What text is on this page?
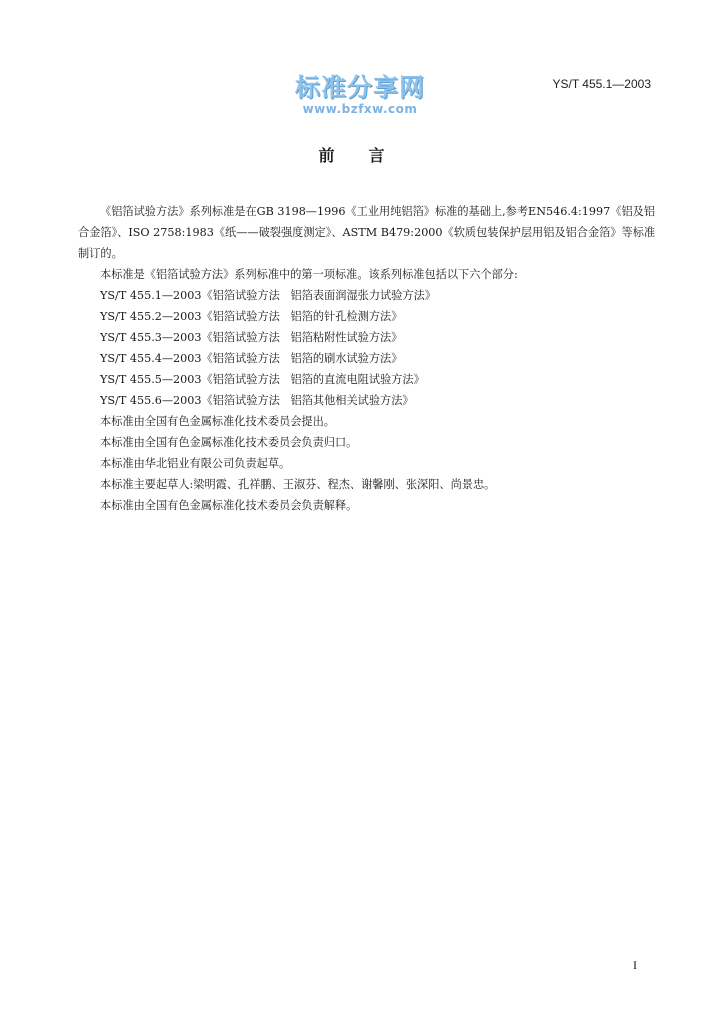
标准分享网
www.bzfxw.com
YS/T 455.1—2003
前言

《铝箔试验方法》系列标准是在GB 3198—1996《工业用纯铝箔》标准的基础上,参考EN546.4:1997《铝及铝合金箔》、ISO 2758:1983《纸——破裂强度测定》、ASTM B479:2000《软质包装保护层用铝及铝合金箔》等标准制订的。

本标准是《铝箔试验方法》系列标准中的第一项标准。该系列标准包括以下六个部分:

YS/T 455.1—2003《铝箔试验方法   铝箔表面润湿张力试验方法》

YS/T 455.2—2003《铝箔试验方法   铝箔的针孔检测方法》

YS/T 455.3—2003《铝箔试验方法   铝箔粘附性试验方法》

YS/T 455.4—2003《铝箔试验方法   铝箔的刷水试验方法》

YS/T 455.5—2003《铝箔试验方法   铝箔的直流电阻试验方法》

YS/T 455.6—2003《铝箔试验方法   铝箔其他相关试验方法》

本标准由全国有色金属标准化技术委员会提出。

本标准由全国有色金属标准化技术委员会负责归口。

本标准由华北铝业有限公司负责起草。

本标准主要起草人:梁明霞、孔祥鹏、王淑芬、程杰、谢馨刚、张深阳、尚景忠。

本标准由全国有色金属标准化技术委员会负责解释。

I
